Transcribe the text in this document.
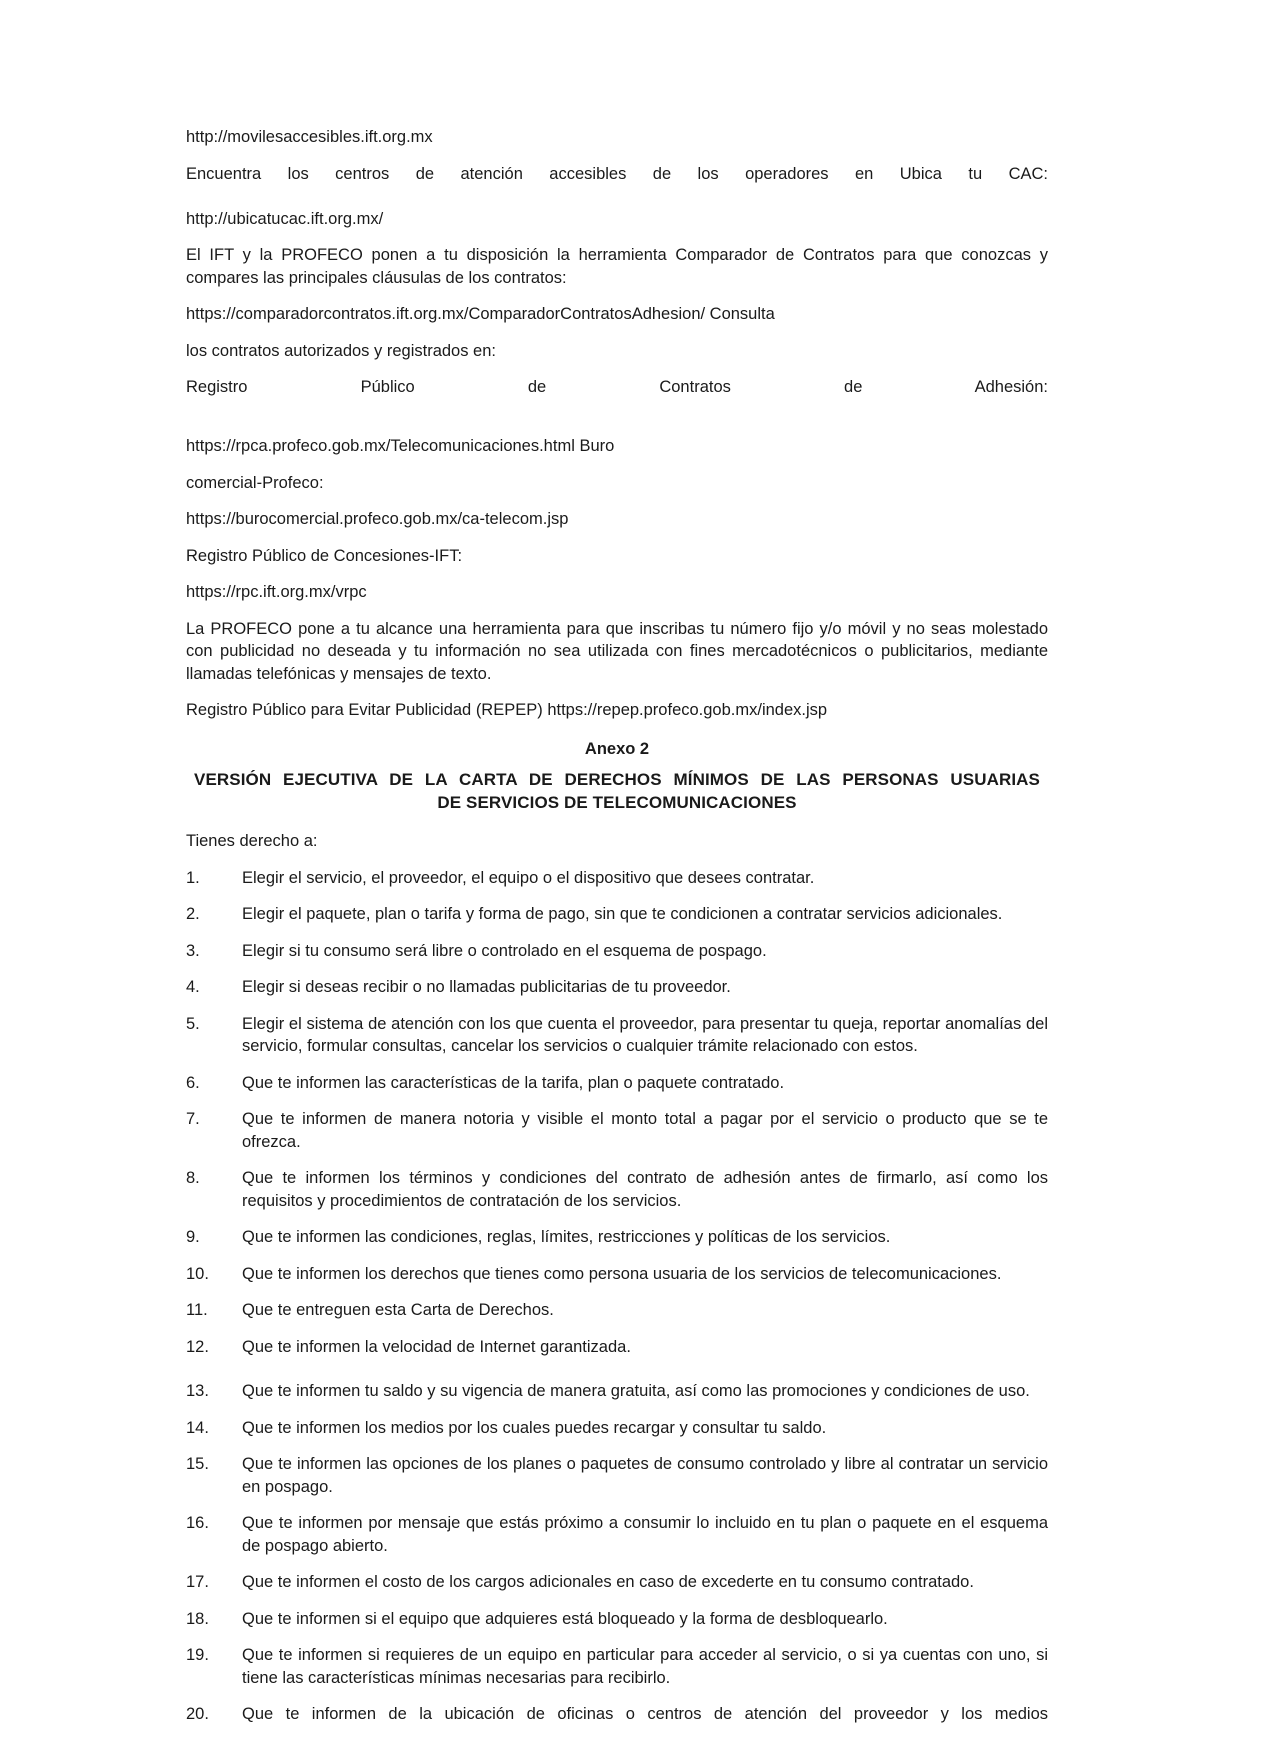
http://movilesaccesibles.ift.org.mx

Encuentra los centros de atención accesibles de los operadores en Ubica tu CAC:
http://ubicatucac.ift.org.mx/

El IFT y la PROFECO ponen a tu disposición la herramienta Comparador de Contratos para que conozcas y compares las principales cláusulas de los contratos:

https://comparadorcontratos.ift.org.mx/ComparadorContratosAdhesion/ Consulta

los contratos autorizados y registrados en:

Registro Público de Contratos de Adhesión:

https://rpca.profeco.gob.mx/Telecomunicaciones.html Buro

comercial-Profeco:

https://burocomercial.profeco.gob.mx/ca-telecom.jsp

Registro Público de Concesiones-IFT:

https://rpc.ift.org.mx/vrpc

La PROFECO pone a tu alcance una herramienta para que inscribas tu número fijo y/o móvil y no seas molestado con publicidad no deseada y tu información no sea utilizada con fines mercadotécnicos o publicitarios, mediante llamadas telefónicas y mensajes de texto.

Registro Público para Evitar Publicidad (REPEP) https://repep.profeco.gob.mx/index.jsp

Anexo 2
VERSIÓN EJECUTIVA DE LA CARTA DE DERECHOS MÍNIMOS DE LAS PERSONAS USUARIAS
DE SERVICIOS DE TELECOMUNICACIONES

Tienes derecho a:

1.	Elegir el servicio, el proveedor, el equipo o el dispositivo que desees contratar.
2.	Elegir el paquete, plan o tarifa y forma de pago, sin que te condicionen a contratar servicios adicionales.
3.	Elegir si tu consumo será libre o controlado en el esquema de pospago.
4.	Elegir si deseas recibir o no llamadas publicitarias de tu proveedor.
5.	Elegir el sistema de atención con los que cuenta el proveedor, para presentar tu queja, reportar anomalías del servicio, formular consultas, cancelar los servicios o cualquier trámite relacionado con estos.
6.	Que te informen las características de la tarifa, plan o paquete contratado.
7.	Que te informen de manera notoria y visible el monto total a pagar por el servicio o producto que se te ofrezca.
8.	Que te informen los términos y condiciones del contrato de adhesión antes de firmarlo, así como los requisitos y procedimientos de contratación de los servicios.
9.	Que te informen las condiciones, reglas, límites, restricciones y políticas de los servicios.
10.	Que te informen los derechos que tienes como persona usuaria de los servicios de telecomunicaciones.
11.	Que te entreguen esta Carta de Derechos.
12.	Que te informen la velocidad de Internet garantizada.
13.	Que te informen tu saldo y su vigencia de manera gratuita, así como las promociones y condiciones de uso.
14.	Que te informen los medios por los cuales puedes recargar y consultar tu saldo.
15.	Que te informen las opciones de los planes o paquetes de consumo controlado y libre al contratar un servicio en pospago.
16.	Que te informen por mensaje que estás próximo a consumir lo incluido en tu plan o paquete en el esquema de pospago abierto.
17.	Que te informen el costo de los cargos adicionales en caso de excederte en tu consumo contratado.
18.	Que te informen si el equipo que adquieres está bloqueado y la forma de desbloquearlo.
19.	Que te informen si requieres de un equipo en particular para acceder al servicio, o si ya cuentas con uno, si tiene las características mínimas necesarias para recibirlo.
20.	Que te informen de la ubicación de oficinas o centros de atención del proveedor y los medios
